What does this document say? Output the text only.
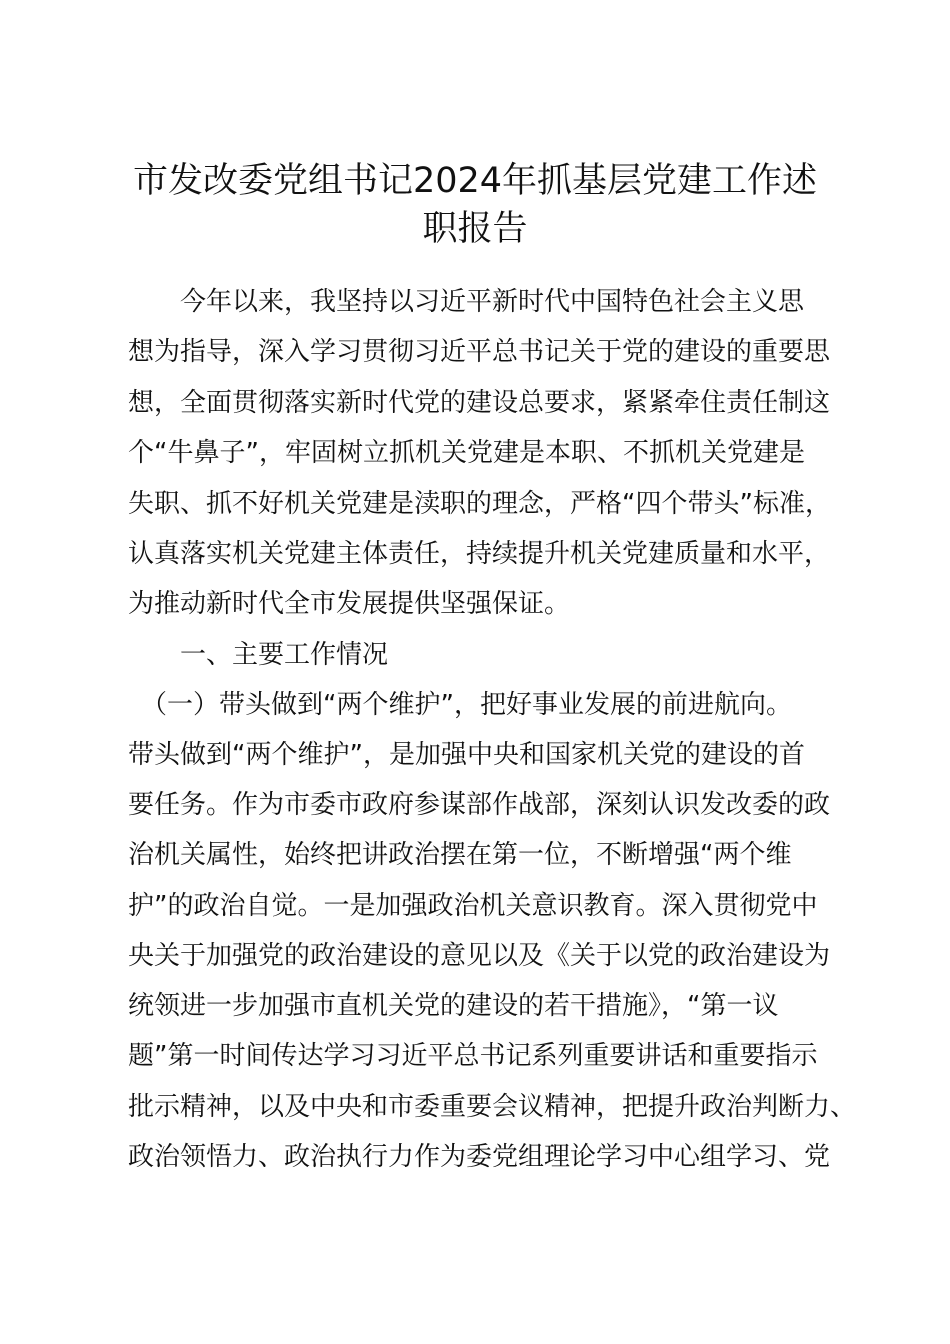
市发改委党组书记2024年抓基层党建工作述
职报告
　　今年以来，我坚持以习近平新时代中国特色社会主义思
想为指导，深入学习贯彻习近平总书记关于党的建设的重要思
想，全面贯彻落实新时代党的建设总要求，紧紧牵住责任制这
个“牛鼻子”，牢固树立抓机关党建是本职、不抓机关党建是
失职、抓不好机关党建是渎职的理念，严格“四个带头”标准，
认真落实机关党建主体责任，持续提升机关党建质量和水平，
为推动新时代全市发展提供坚强保证。
　　一、主要工作情况
　（一）带头做到“两个维护”，把好事业发展的前进航向。
带头做到“两个维护”，是加强中央和国家机关党的建设的首
要任务。作为市委市政府参谋部作战部，深刻认识发改委的政
治机关属性，始终把讲政治摆在第一位，不断增强“两个维
护”的政治自觉。一是加强政治机关意识教育。深入贯彻党中
央关于加强党的政治建设的意见以及《关于以党的政治建设为
统领进一步加强市直机关党的建设的若干措施》，“第一议
题”第一时间传达学习习近平总书记系列重要讲话和重要指示
批示精神，以及中央和市委重要会议精神，把提升政治判断力、
政治领悟力、政治执行力作为委党组理论学习中心组学习、党
